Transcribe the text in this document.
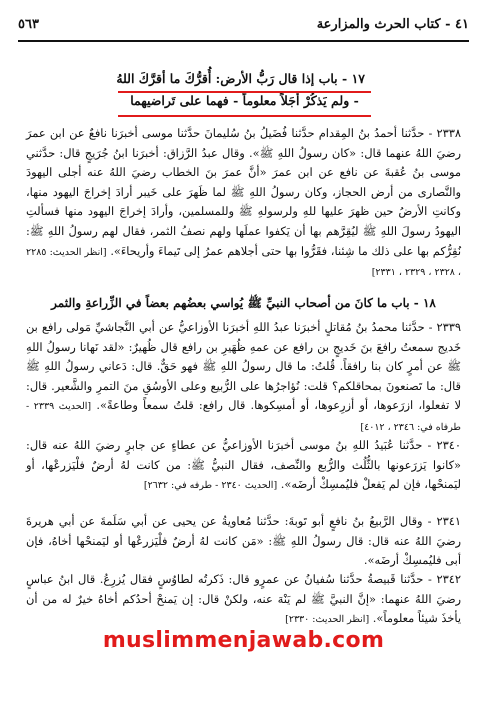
٤١ - كتاب الحرث والمزارعة
٥٦٣
١٧ - باب إذا قال رَبُّ الأرض: أُقرُّكَ ما أقرَّكَ اللهُ
- ولم يَذكُرْ أجَلاً معلوماً - فهما على تَراضيهما

٢٣٣٨ - حدَّثنا أحمدُ بنُ المِقدام حدَّثنا فُضَيلُ بنُ سُليمانَ حدَّثنا موسى أخبرَنا نافعٌ عن ابن عمرَ رضيَ اللهُ عنهما قال: «كان رسولُ اللهِ ﷺ». وقال عبدُ الرَّزاق: أخبرَنا ابنُ جُرَيجٍ قال: حدَّثني موسى بنُ عُقبةَ عن نافع عن ابن عمرَ «أنَّ عمرَ بنَ الخطاب رضيَ اللهُ عنه أجلى اليهودَ والنَّصارى من أرض الحجاز، وكان رسولُ اللهِ ﷺ لما ظَهرَ على خَيبر أرادَ إخراجَ اليهود منها، وكانتِ الأرضُ حين ظهرَ عليها للهِ ولرسولهِ ﷺ وللمسلمين، وأرادَ إخراجَ اليهود منها فسألتِ اليهودُ رسولَ اللهِ ﷺ ليُقِرَّهم بها أن يَكفوا عملَها ولهم نصفُ الثمر، فقال لهم رسولُ اللهِ ﷺ: نُقِرُّكم بها على ذلك ما شِئنا، فقَرُّوا بها حتى أجلاهم عمرُ إلى تَيماءَ وأريحاءَ». [انظر الحديث: ٢٢٨٥ ، ٢٣٢٨ ، ٢٣٢٩ ، ٢٣٣١]

١٨ - باب ما كانَ من أصحاب النبيِّ ﷺ يُواسي بعضُهم بعضاً في الزِّراعةِ والثمر

٢٣٣٩ - حدَّثنا محمدُ بنُ مُقاتلٍ أخبرَنا عبدُ اللهِ أخبرَنا الأوزاعيُّ عن أبي النَّجاشيِّ مَولى رافع بن خَديج سمعتُ رافعَ بنَ خَديجٍ بن رافع عن عمهِ ظُهَيرِ بن رافع قال ظُهيرٌ: «لقد نَهانا رسولُ اللهِ ﷺ عن أمرٍ كان بنا رافقاً. قُلتُ: ما قال رسولُ اللهِ ﷺ فهو حَقٌّ. قال: دَعاني رسولُ اللهِ ﷺ قال: ما تَصنعونَ بمحاقلكم؟ قلت: نُؤاجرُها على الرُّبيع وعلى الأوسُقِ منَ التمرِ والشَّعير. قال: لا تفعلوا، ازرَعوها، أو أزرِعوها، أو أمسِكوها. قال رافع: قلتُ سمعاً وطاعةً». [الحديث ٢٣٣٩ - طرفاه في: ٢٣٤٦ ، ٤٠١٢]

٢٣٤٠ - حدَّثنا عُبَيدُ اللهِ بنُ موسى أخبرَنا الأوزاعيُّ عن عطاءٍ عن جابرٍ رضيَ اللهُ عنه قال: «كانوا يَزرَعونها بالثُّلُث والرُّبع والنِّصف، فقال النبيُّ ﷺ: من كانت لهُ أرضٌ فلْيَزرعْها، أو ليَمنحْها، فإن لم يَفعلْ فليُمسِكْ أرضَه». [الحديث ٢٣٤٠ - طرفه في: ٢٦٣٢]

٢٣٤١ - وقال الرَّبيعُ بنُ نافعٍ أبو تَوبةَ: حدَّثنا مُعاويةُ عن يحيى عن أبي سَلَمةَ عن أبي هريرةَ رضيَ اللهُ عنه قال: قال رسولُ اللهِ ﷺ: «مَن كانت لهُ أرضٌ فلْيَزرعْها أو ليَمنحْها أخاهُ، فإن أبى فليُمسِكْ أرضَه».

٢٣٤٢ - حدَّثنا قَبيصةُ حدَّثنا سُفيانُ عن عمرٍو قال: ذَكرتُه لطاوُسٍ فقال يُزرِعُ. قال ابنُ عباسٍ رضيَ اللهُ عنهما: «إنَّ النبيَّ ﷺ لم يَنْهَ عنه، ولكنْ قال: إن يَمنحْ أحدُكم أخاهُ خيرٌ له من أن يأخذَ شيئاً معلوماً». [انظر الحديث: ٢٣٣٠]

muslimmenjawab.com
